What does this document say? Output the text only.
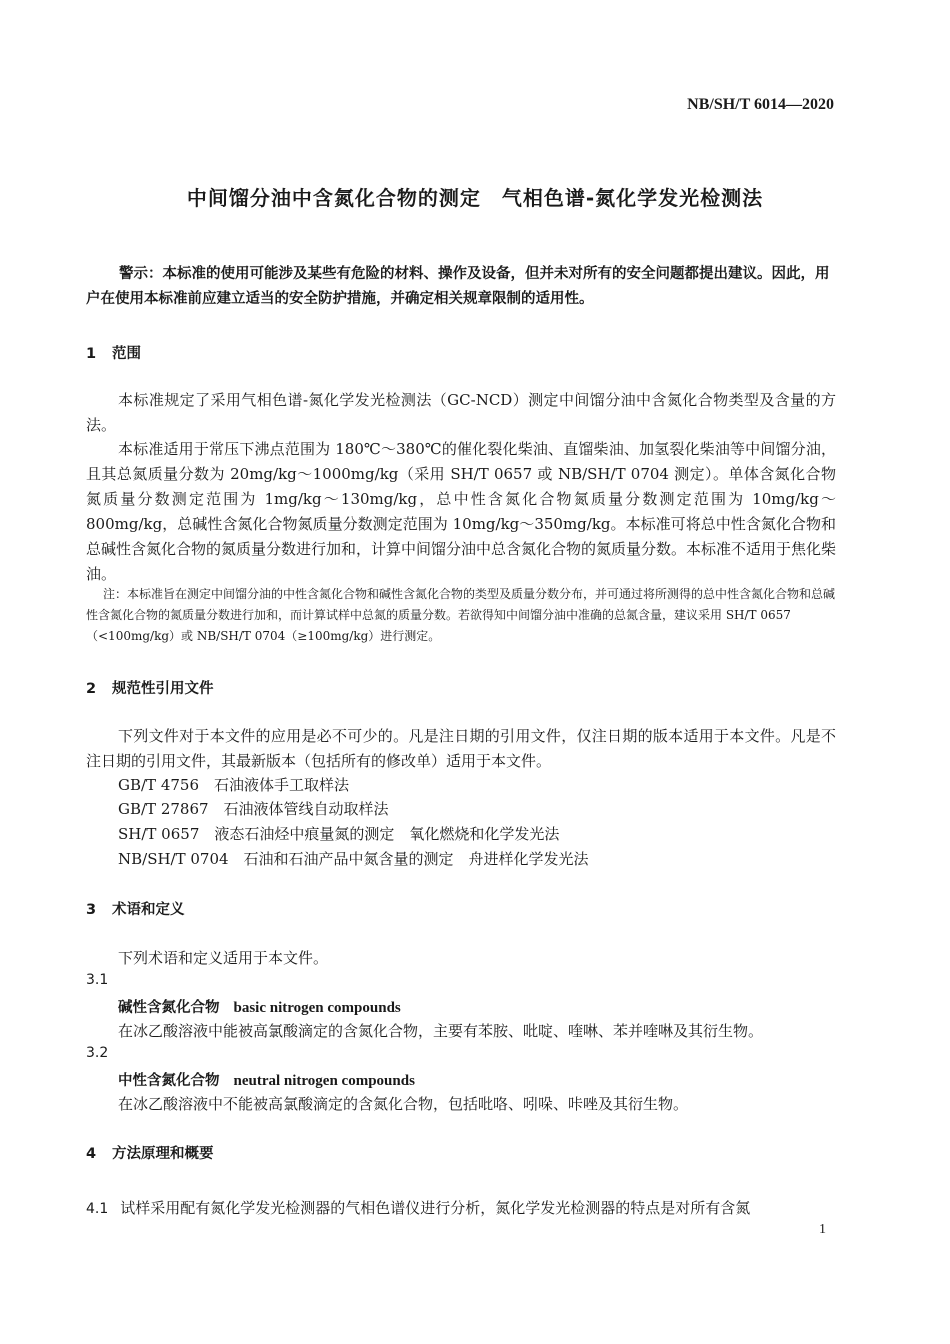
NB/SH/T 6014—2020
中间馏分油中含氮化合物的测定　气相色谱-氮化学发光检测法
警示：本标准的使用可能涉及某些有危险的材料、操作及设备，但并未对所有的安全问题都提出建议。因此，用户在使用本标准前应建立适当的安全防护措施，并确定相关规章限制的适用性。
1 范围
本标准规定了采用气相色谱-氮化学发光检测法（GC-NCD）测定中间馏分油中含氮化合物类型及含量的方法。
本标准适用于常压下沸点范围为 180℃～380℃的催化裂化柴油、直馏柴油、加氢裂化柴油等中间馏分油，且其总氮质量分数为 20mg/kg～1000mg/kg（采用 SH/T 0657 或 NB/SH/T 0704 测定）。单体含氮化合物氮质量分数测定范围为 1mg/kg～130mg/kg，总中性含氮化合物氮质量分数测定范围为 10mg/kg～800mg/kg，总碱性含氮化合物氮质量分数测定范围为 10mg/kg～350mg/kg。本标准可将总中性含氮化合物和总碱性含氮化合物的氮质量分数进行加和，计算中间馏分油中总含氮化合物的氮质量分数。本标准不适用于焦化柴油。
注：本标准旨在测定中间馏分油的中性含氮化合物和碱性含氮化合物的类型及质量分数分布，并可通过将所测得的总中性含氮化合物和总碱性含氮化合物的氮质量分数进行加和，而计算试样中总氮的质量分数。若欲得知中间馏分油中准确的总氮含量，建议采用 SH/T 0657（<100mg/kg）或 NB/SH/T 0704（≥100mg/kg）进行测定。
2 规范性引用文件
下列文件对于本文件的应用是必不可少的。凡是注日期的引用文件，仅注日期的版本适用于本文件。凡是不注日期的引用文件，其最新版本（包括所有的修改单）适用于本文件。
GB/T 4756　石油液体手工取样法
GB/T 27867　石油液体管线自动取样法
SH/T 0657　液态石油烃中痕量氮的测定　氧化燃烧和化学发光法
NB/SH/T 0704　石油和石油产品中氮含量的测定　舟进样化学发光法
3 术语和定义
下列术语和定义适用于本文件。
3.1
碱性含氮化合物 basic nitrogen compounds
在冰乙酸溶液中能被高氯酸滴定的含氮化合物，主要有苯胺、吡啶、喹啉、苯并喹啉及其衍生物。
3.2
中性含氮化合物 neutral nitrogen compounds
在冰乙酸溶液中不能被高氯酸滴定的含氮化合物，包括吡咯、吲哚、咔唑及其衍生物。
4 方法原理和概要
4.1 试样采用配有氮化学发光检测器的气相色谱仪进行分析，氮化学发光检测器的特点是对所有含氮
1
